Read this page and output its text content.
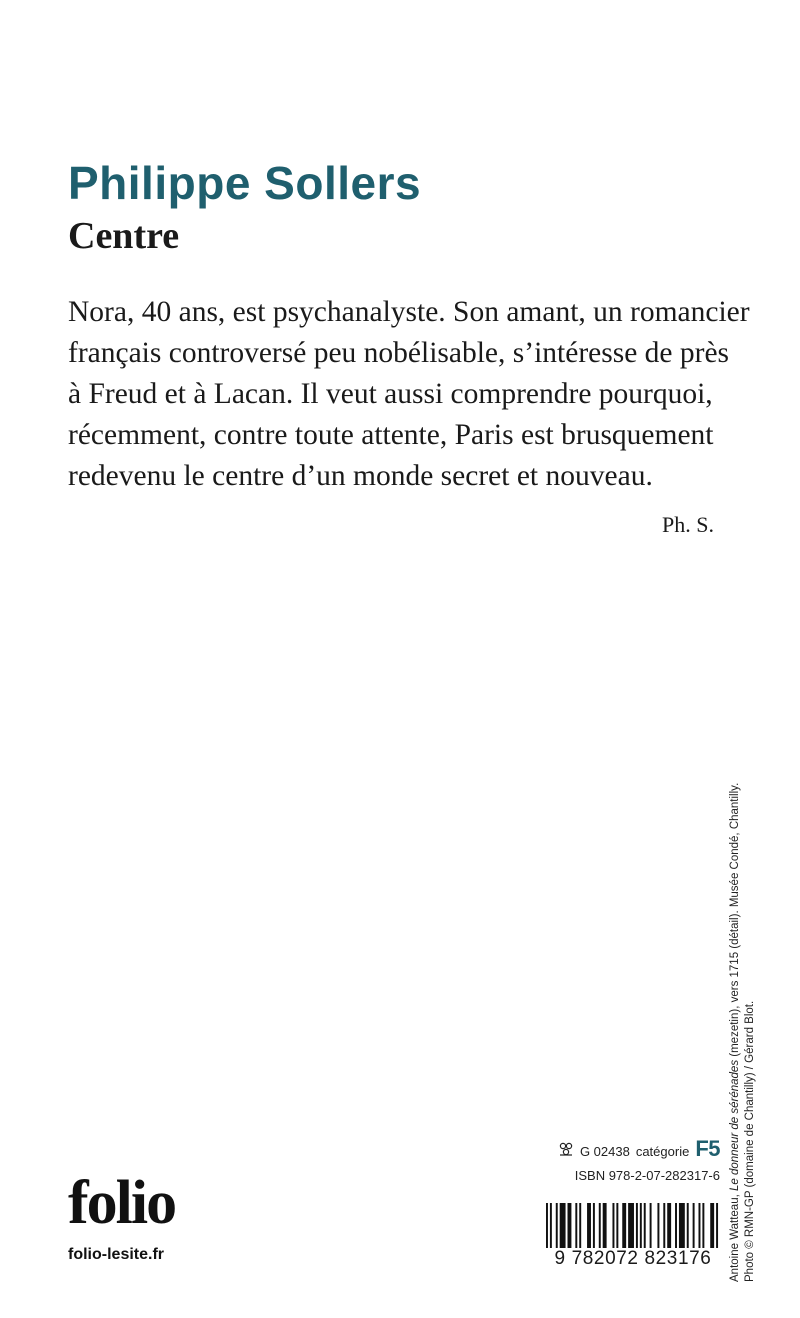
Philippe Sollers
Centre

Nora, 40 ans, est psychanalyste. Son amant, un romancier
français controversé peu nobélisable, s’intéresse de près
à Freud et à Lacan. Il veut aussi comprendre pourquoi,
récemment, contre toute attente, Paris est brusquement
redevenu le centre d’un monde secret et nouveau.

Ph. S.

Antoine Watteau, Le donneur de sérénades (mezetin), vers 1715 (détail). Musée Condé, Chantilly.
Photo © RMN-GP (domaine de Chantilly) / Gérard Blot.
G 02438 catégorie F5
ISBN 978-2-07-282317-6
9 782072 823176
folio
folio-lesite.fr
